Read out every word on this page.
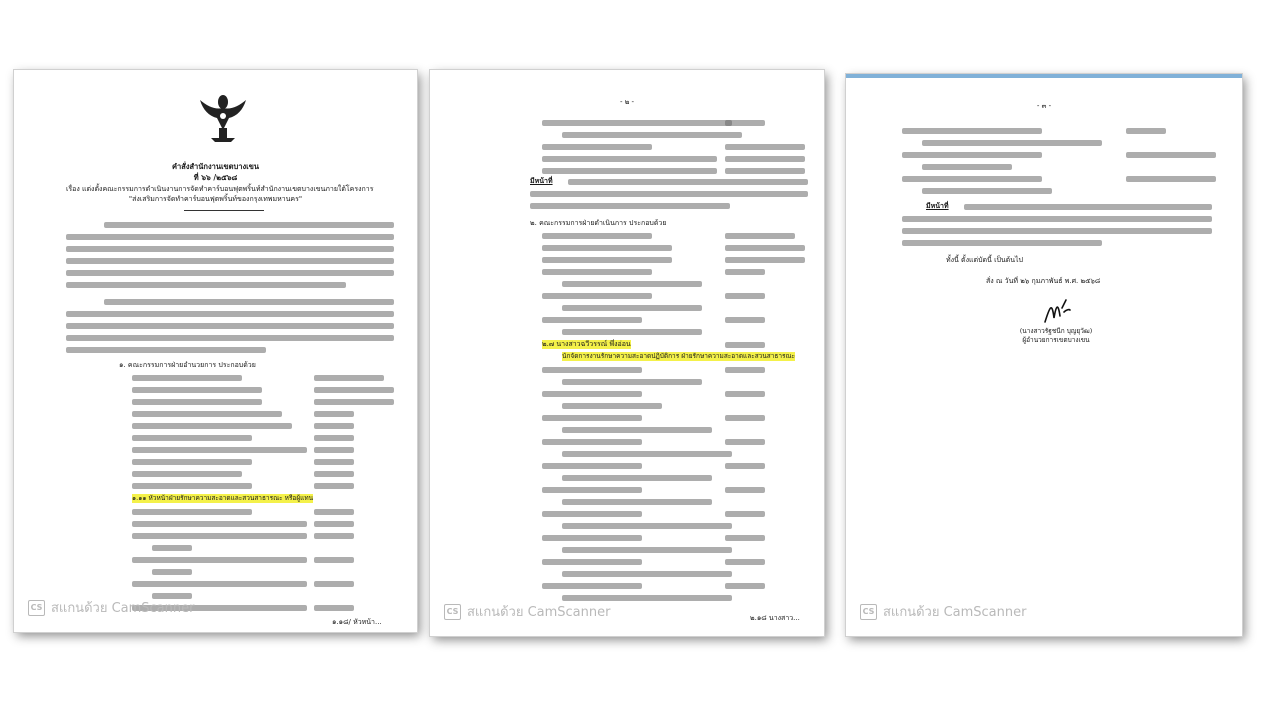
คำสั่งสำนักงานเขตบางเขน
ที่ ๖๖ /๒๕๖๘
เรื่อง แต่งตั้งคณะกรรมการดำเนินงานการจัดทำคาร์บอนฟุตพริ้นท์สำนักงานเขตบางเขนภายใต้โครงการ
"ส่งเสริมการจัดทำคาร์บอนฟุตพริ้นท์ของกรุงเทพมหานคร"
๑. คณะกรรมการฝ่ายอำนวยการ ประกอบด้วย
๑.๑๑ หัวหน้าฝ่ายรักษาความสะอาดและสวนสาธารณะ หรือผู้แทน
๑.๑๘/ หัวหน้า...
CS สแกนด้วย CamScanner
- ๒ -
มีหน้าที่
๒. คณะกรรมการฝ่ายดำเนินการ ประกอบด้วย
๒.๗ นางสาวฉวีวรรณ์ พึ่งอ่อน
นักจัดการงานรักษาความสะอาดปฏิบัติการ ฝ่ายรักษาความสะอาดและสวนสาธารณะ
๒.๑๘ นางสาว...
CS สแกนด้วย CamScanner
- ๓ -
มีหน้าที่
ทั้งนี้ ตั้งแต่บัดนี้ เป็นต้นไป
สั่ง ณ วันที่ ๒๖ กุมภาพันธ์ พ.ศ. ๒๕๖๘
(นางสาวรัฐชนีก บุญยุวัฒ)
ผู้อำนวยการเขตบางเขน
CS สแกนด้วย CamScanner
